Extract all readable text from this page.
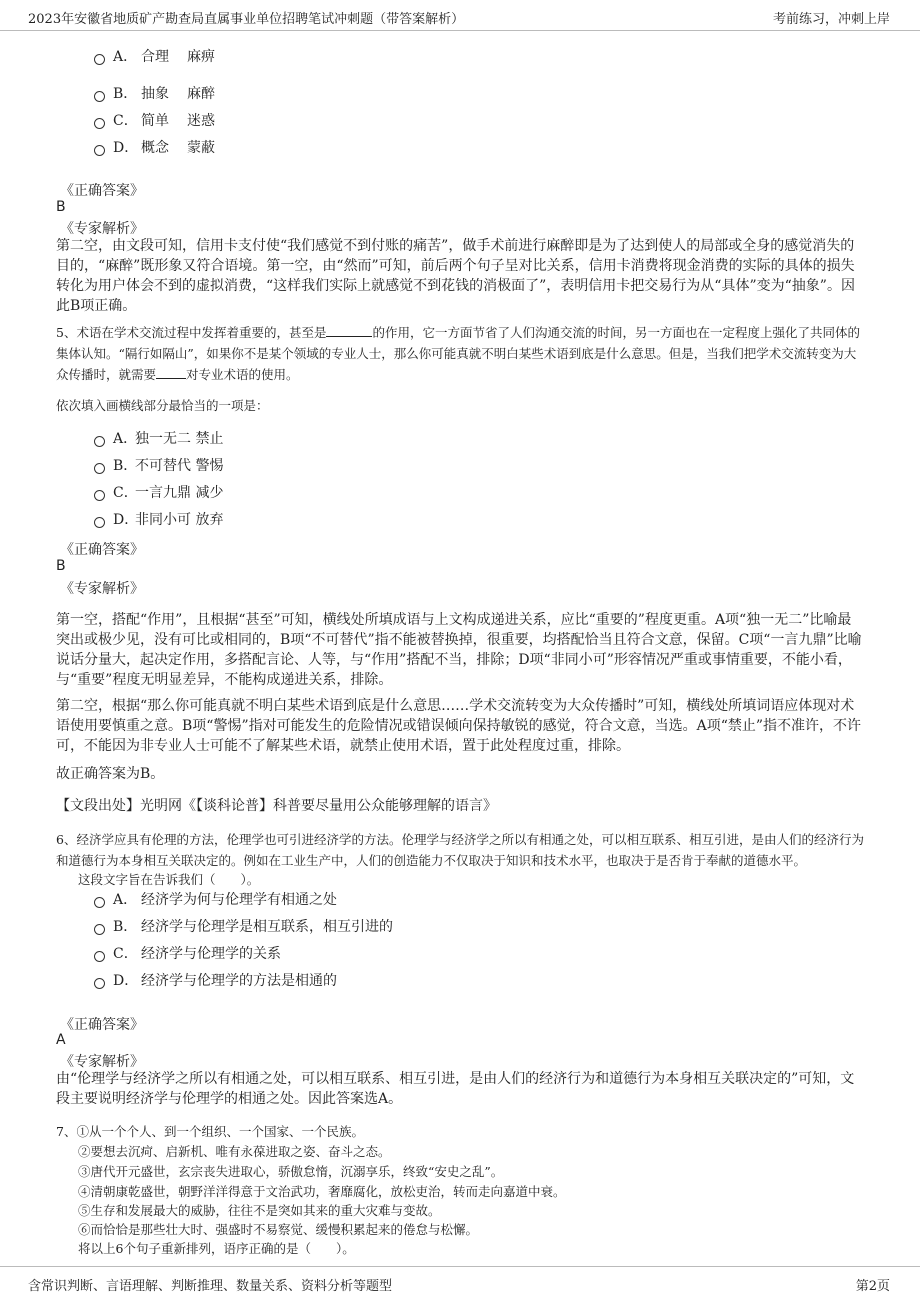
2023年安徽省地质矿产勘查局直属事业单位招聘笔试冲刺题（带答案解析）	考前练习，冲刺上岸
A． 合理 麻痹
B． 抽象 麻醉
C． 简单 迷惑
D． 概念 蒙蔽
《正确答案》
B
《专家解析》
第二空，由文段可知，信用卡支付使“我们感觉不到付账的痛苦”，做手术前进行麻醉即是为了达到使人的局部或全身的感觉消失的目的，“麻醉”既形象又符合语境。第一空，由“然而”可知，前后两个句子呈对比关系，信用卡消费将现金消费的实际的具体的损失转化为用户体会不到的虚拟消费，“这样我们实际上就感觉不到花钱的消极面了”，表明信用卡把交易行为从“具体”变为“抽象”。因此B项正确。
5、术语在学术交流过程中发挥着重要的，甚至是	的作用，它一方面节省了人们沟通交流的时间，另一方面也在一定程度上强化了共同体的集体认知。“隔行如隔山”，如果你不是某个领域的专业人士，那么你可能真就不明白某些术语到底是什么意思。但是，当我们把学术交流转变为大众传播时，就需要 对专业术语的使用。
依次填入画横线部分最恰当的一项是：
A．独一无二 禁止
B．不可替代 警惕
C．一言九鼎 减少
D．非同小可 放弃
《正确答案》
B
《专家解析》
第一空，搭配“作用”，且根据“甚至”可知，横线处所填成语与上文构成递进关系，应比“重要的”程度更重。A项“独一无二”比喻最突出或极少见，没有可比或相同的，B项“不可替代”指不能被替换掉，很重要，均搭配恰当且符合文意，保留。C项“一言九鼎”比喻说话分量大，起决定作用，多搭配言论、人等，与“作用”搭配不当，排除；D项“非同小可”形容情况严重或事情重要，不能小看，与“重要”程度无明显差异，不能构成递进关系，排除。
第二空，根据“那么你可能真就不明白某些术语到底是什么意思……学术交流转变为大众传播时”可知，横线处所填词语应体现对术语使用要慎重之意。B项“警惕”指对可能发生的危险情况或错误倾向保持敏锐的感觉，符合文意，当选。A项“禁止”指不准许，不许可，不能因为非专业人士可能不了解某些术语，就禁止使用术语，置于此处程度过重，排除。
故正确答案为B。
【文段出处】光明网《【谈科论普】科普要尽量用公众能够理解的语言》
6、经济学应具有伦理的方法，伦理学也可引进经济学的方法。伦理学与经济学之所以有相通之处，可以相互联系、相互引进，是由人们的经济行为和道德行为本身相互关联决定的。例如在工业生产中，人们的创造能力不仅取决于知识和技术水平，也取决于是否肯于奉献的道德水平。
这段文字旨在告诉我们（　　）。
A． 经济学为何与伦理学有相通之处
B． 经济学与伦理学是相互联系，相互引进的
C． 经济学与伦理学的关系
D． 经济学与伦理学的方法是相通的
《正确答案》
A
《专家解析》
由“伦理学与经济学之所以有相通之处，可以相互联系、相互引进，是由人们的经济行为和道德行为本身相互关联决定的”可知，文段主要说明经济学与伦理学的相通之处。因此答案选A。
7、①从一个个人、到一个组织、一个国家、一个民族。
②要想去沉疴、启新机、唯有永葆进取之姿、奋斗之态。
③唐代开元盛世，玄宗丧失进取心，骄傲怠惰，沉溺享乐，终致“安史之乱”。
④清朝康乾盛世，朝野洋洋得意于文治武功，奢靡腐化，放松吏治，转而走向嘉道中衰。
⑤生存和发展最大的威胁，往往不是突如其来的重大灾难与变故。
⑥而恰恰是那些壮大时、强盛时不易察觉、缓慢积累起来的倦怠与松懈。
将以上6个句子重新排列，语序正确的是（　　）。
含常识判断、言语理解、判断推理、数量关系、资料分析等题型	第2页
